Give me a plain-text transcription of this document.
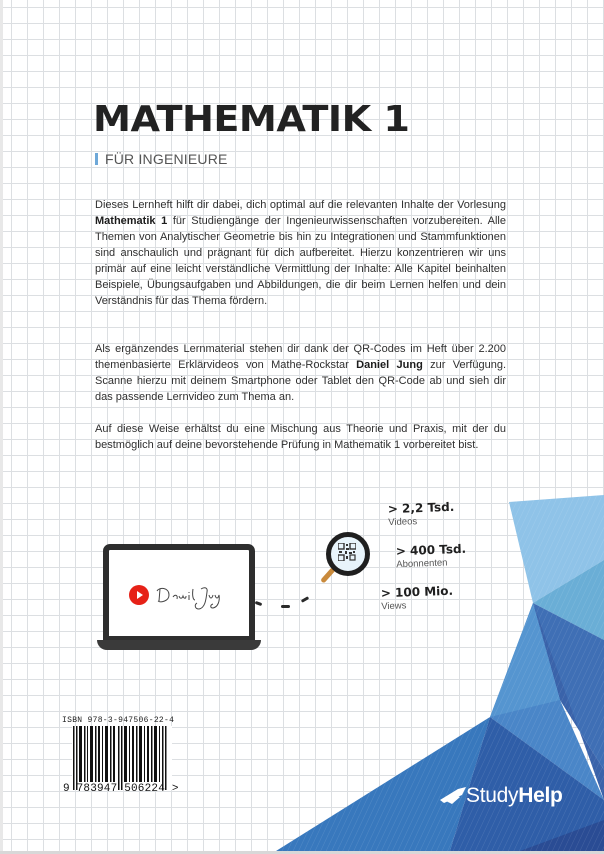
MATHEMATIK 1
FÜR INGENIEURE
Dieses Lernheft hilft dir dabei, dich optimal auf die relevanten Inhalte der Vorlesung Mathematik 1 für Studiengänge der Ingenieurwissenschaften vorzubereiten. Alle Themen von Analytischer Geometrie bis hin zu Integrationen und Stammfunktionen sind anschaulich und prägnant für dich aufbereitet. Hierzu konzentrieren wir uns primär auf eine leicht verständliche Vermittlung der Inhalte: Alle Kapitel beinhalten Beispiele, Übungsaufgaben und Abbildungen, die dir beim Lernen helfen und dein Verständnis für das Thema fördern.
Als ergänzendes Lernmaterial stehen dir dank der QR-Codes im Heft über 2.200 themenbasierte Erklärvideos von Mathe-Rockstar Daniel Jung zur Verfügung. Scanne hierzu mit deinem Smartphone oder Tablet den QR-Code ab und sieh dir das passende Lernvideo zum Thema an.
Auf diese Weise erhältst du eine Mischung aus Theorie und Praxis, mit der du bestmöglich auf deine bevorstehende Prüfung in Mathematik 1 vorbereitet bist.
> 2,2 Tsd.
Videos
> 400 Tsd.
Abonnenten
> 100 Mio.
Views
ISBN 978-3-947506-22-4
9 783947 506224 >	StudyHelp
